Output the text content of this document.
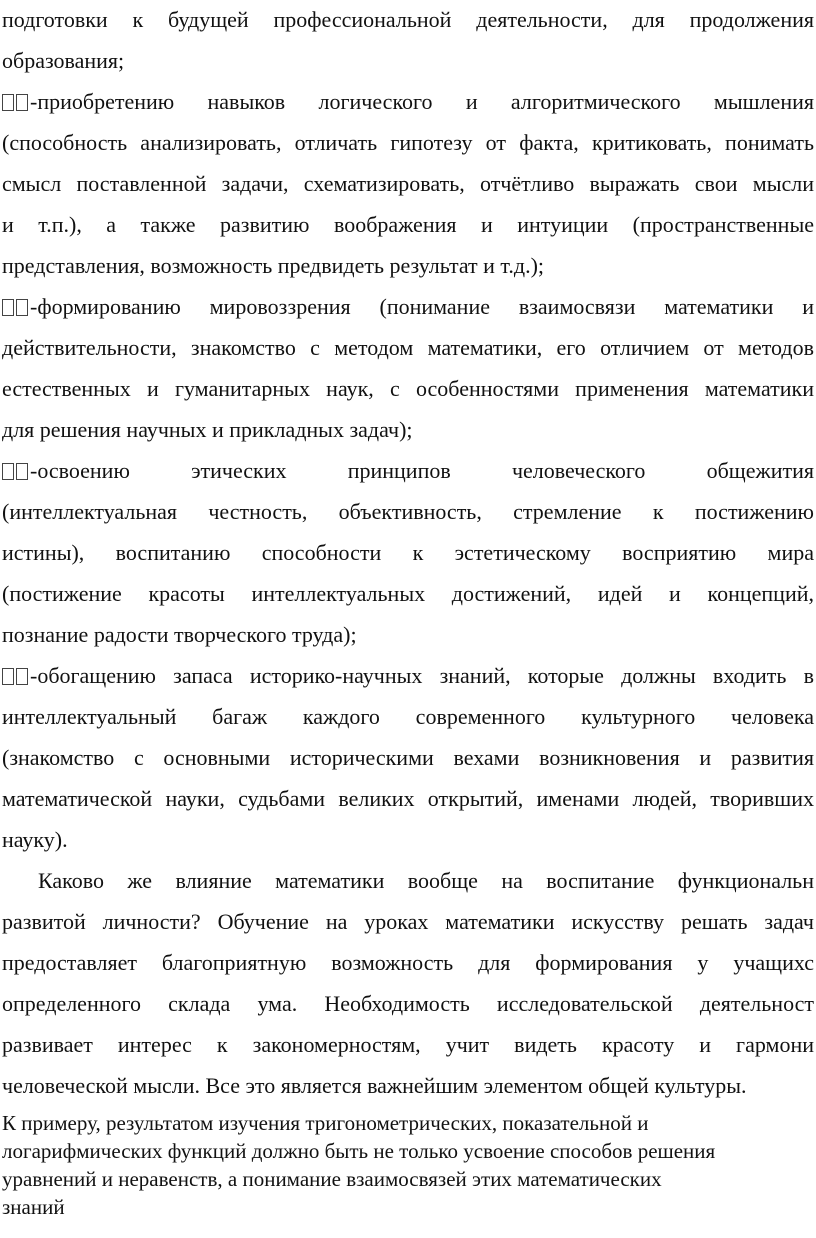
подготовки к будущей профессиональной деятельности, для продолжения
образования;
-приобретению навыков логического и алгоритмического мышления
(способность анализировать, отличать гипотезу от факта, критиковать, понимать
смысл поставленной задачи, схематизировать, отчётливо выражать свои мысли
и т.п.), а также развитию воображения и интуиции (пространственные
представления, возможность предвидеть результат и т.д.);
-формированию мировоззрения (понимание взаимосвязи математики и
действительности, знакомство с методом математики, его отличием от методов
естественных и гуманитарных наук, с особенностями применения математики
для решения научных и прикладных задач);
-освоению этических принципов человеческого общежития
(интеллектуальная честность, объективность, стремление к постижению
истины), воспитанию способности к эстетическому восприятию мира
(постижение красоты интеллектуальных достижений, идей и концепций,
познание радости творческого труда);
-обогащению запаса историко-научных знаний, которые должны входить в
интеллектуальный багаж каждого современного культурного человека
(знакомство с основными историческими вехами возникновения и развития
математической науки, судьбами великих открытий, именами людей, творивших
науку).
Каково же влияние математики вообще на воспитание функциональн
развитой личности? Обучение на уроках математики искусству решать задач
предоставляет благоприятную возможность для формирования у учащихс
определенного склада ума. Необходимость исследовательской деятельност
развивает интерес к закономерностям, учит видеть красоту и гармони
человеческой мысли. Все это является важнейшим элементом общей культуры.
К примеру, результатом изучения тригонометрических, показательной и
логарифмических функций должно быть не только усвоение способов решения
уравнений и неравенств, а понимание взаимосвязей этих математических
знаний
